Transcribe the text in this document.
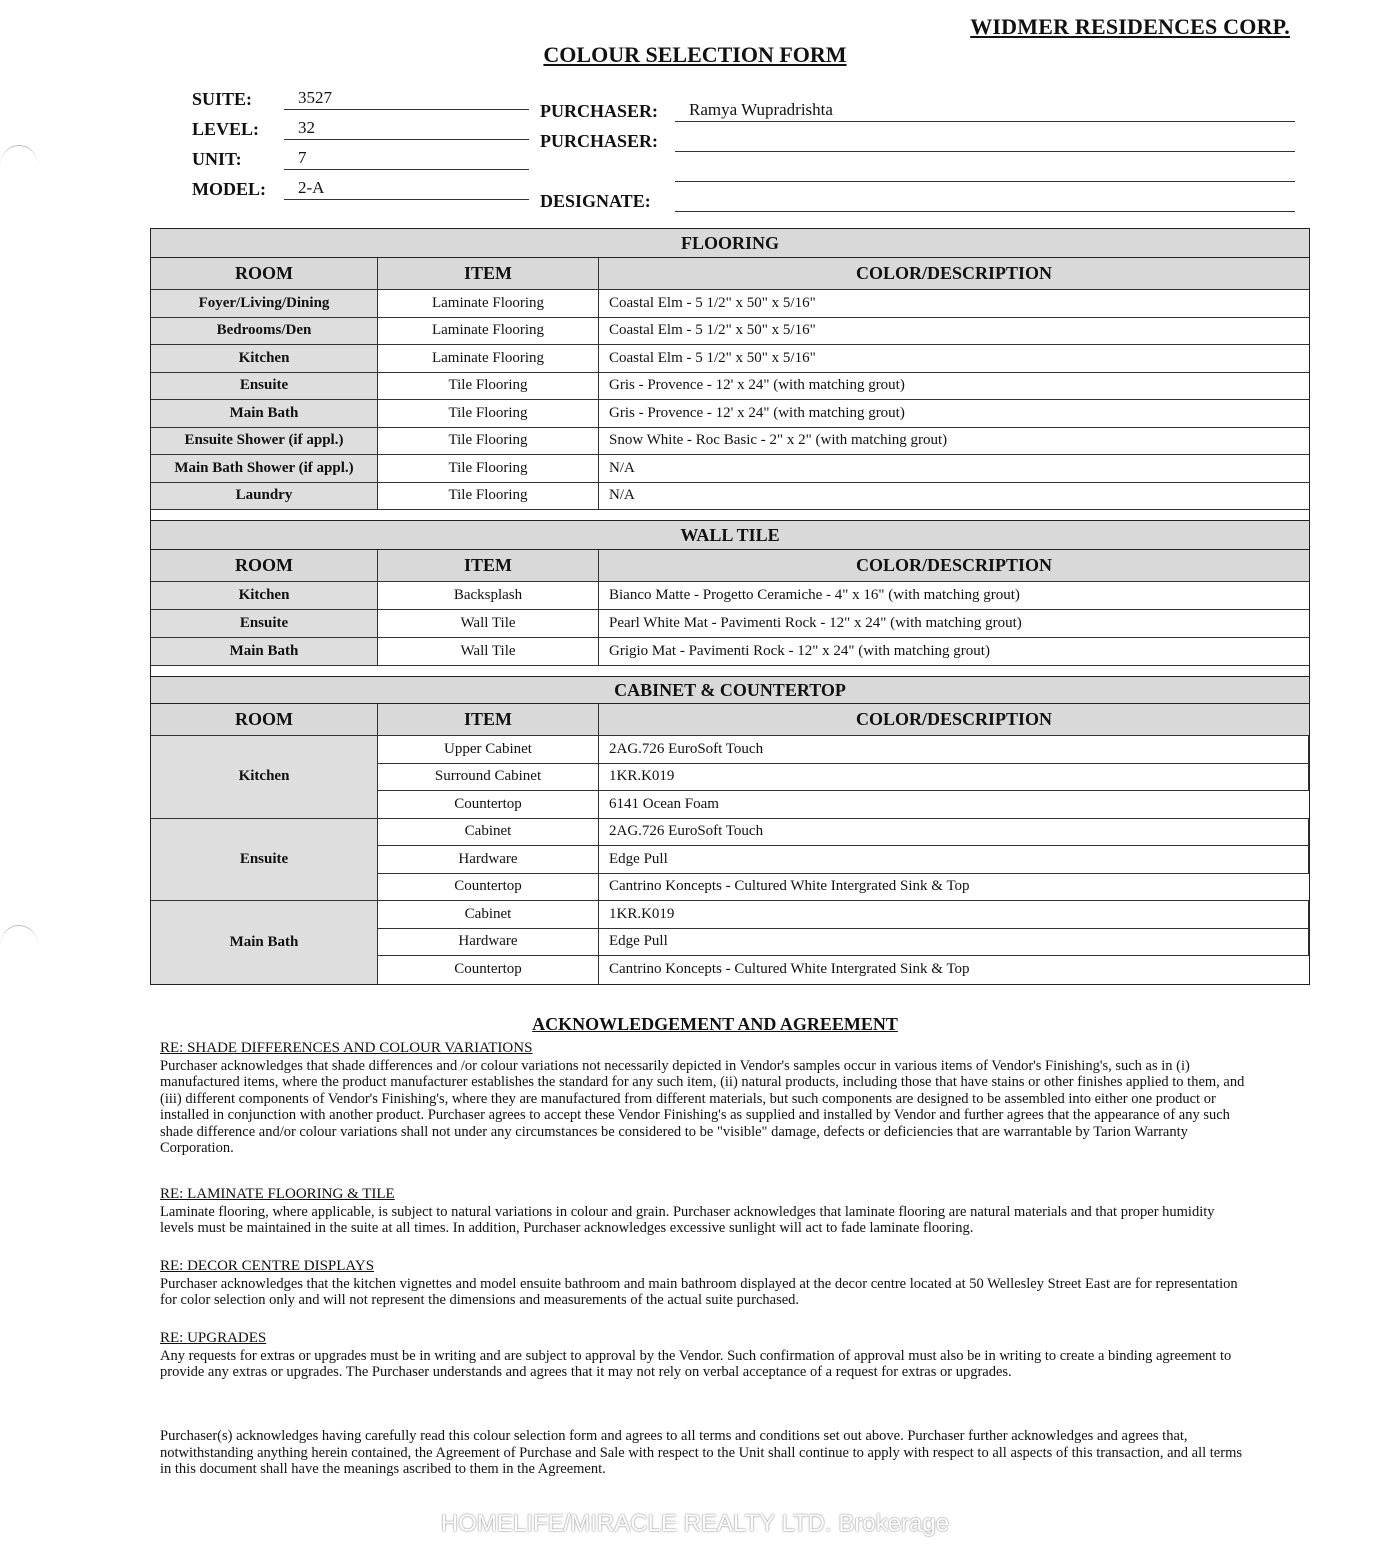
WIDMER RESIDENCES CORP.
COLOUR SELECTION FORM
SUITE:	3527
LEVEL:	32
UNIT:	7
MODEL:	2-A
PURCHASER:	Ramya Wupradrishta
PURCHASER:
DESIGNATE:
FLOORING
ROOM	ITEM	COLOR/DESCRIPTION
Foyer/Living/Dining	Laminate Flooring	Coastal Elm - 5 1/2" x 50" x 5/16"
Bedrooms/Den	Laminate Flooring	Coastal Elm - 5 1/2" x 50" x 5/16"
Kitchen	Laminate Flooring	Coastal Elm - 5 1/2" x 50" x 5/16"
Ensuite	Tile Flooring	Gris - Provence - 12' x 24" (with matching grout)
Main Bath	Tile Flooring	Gris - Provence - 12' x 24" (with matching grout)
Ensuite Shower (if appl.)	Tile Flooring	Snow White - Roc Basic - 2" x 2" (with matching grout)
Main Bath Shower (if appl.)	Tile Flooring	N/A
Laundry	Tile Flooring	N/A
WALL TILE
ROOM	ITEM	COLOR/DESCRIPTION
Kitchen	Backsplash	Bianco Matte - Progetto Ceramiche - 4" x 16" (with matching grout)
Ensuite	Wall Tile	Pearl White Mat - Pavimenti Rock - 12" x 24" (with matching grout)
Main Bath	Wall Tile	Grigio Mat - Pavimenti Rock - 12" x 24" (with matching grout)
CABINET & COUNTERTOP
ROOM	ITEM	COLOR/DESCRIPTION
Kitchen
Upper Cabinet	2AG.726 EuroSoft Touch
Surround Cabinet	1KR.K019
Countertop	6141 Ocean Foam
Ensuite
Cabinet	2AG.726 EuroSoft Touch
Hardware	Edge Pull
Countertop	Cantrino Koncepts - Cultured White Intergrated Sink & Top
Main Bath
Cabinet	1KR.K019
Hardware	Edge Pull
Countertop	Cantrino Koncepts - Cultured White Intergrated Sink & Top
ACKNOWLEDGEMENT AND AGREEMENT
RE: SHADE DIFFERENCES AND COLOUR VARIATIONS
Purchaser acknowledges that shade differences and /or colour variations not necessarily depicted in Vendor's samples occur in various items of Vendor's Finishing's, such as in (i) manufactured items, where the product manufacturer establishes the standard for any such item, (ii) natural products, including those that have stains or other finishes applied to them, and (iii) different components of Vendor's Finishing's, where they are manufactured from different materials, but such components are designed to be assembled into either one product or installed in conjunction with another product. Purchaser agrees to accept these Vendor Finishing's as supplied and installed by Vendor and further agrees that the appearance of any such shade difference and/or colour variations shall not under any circumstances be considered to be "visible" damage, defects or deficiencies that are warrantable by Tarion Warranty Corporation.
RE: LAMINATE FLOORING & TILE
Laminate flooring, where applicable, is subject to natural variations in colour and grain. Purchaser acknowledges that laminate flooring are natural materials and that proper humidity levels must be maintained in the suite at all times. In addition, Purchaser acknowledges excessive sunlight will act to fade laminate flooring.
RE: DECOR CENTRE DISPLAYS
Purchaser acknowledges that the kitchen vignettes and model ensuite bathroom and main bathroom displayed at the decor centre located at 50 Wellesley Street East are for representation for color selection only and will not represent the dimensions and measurements of the actual suite purchased.
RE: UPGRADES
Any requests for extras or upgrades must be in writing and are subject to approval by the Vendor. Such confirmation of approval must also be in writing to create a binding agreement to provide any extras or upgrades. The Purchaser understands and agrees that it may not rely on verbal acceptance of a request for extras or upgrades.
Purchaser(s) acknowledges having carefully read this colour selection form and agrees to all terms and conditions set out above. Purchaser further acknowledges and agrees that, notwithstanding anything herein contained, the Agreement of Purchase and Sale with respect to the Unit shall continue to apply with respect to all aspects of this transaction, and all terms in this document shall have the meanings ascribed to them in the Agreement.
HOMELIFE/MIRACLE REALTY LTD. Brokerage
